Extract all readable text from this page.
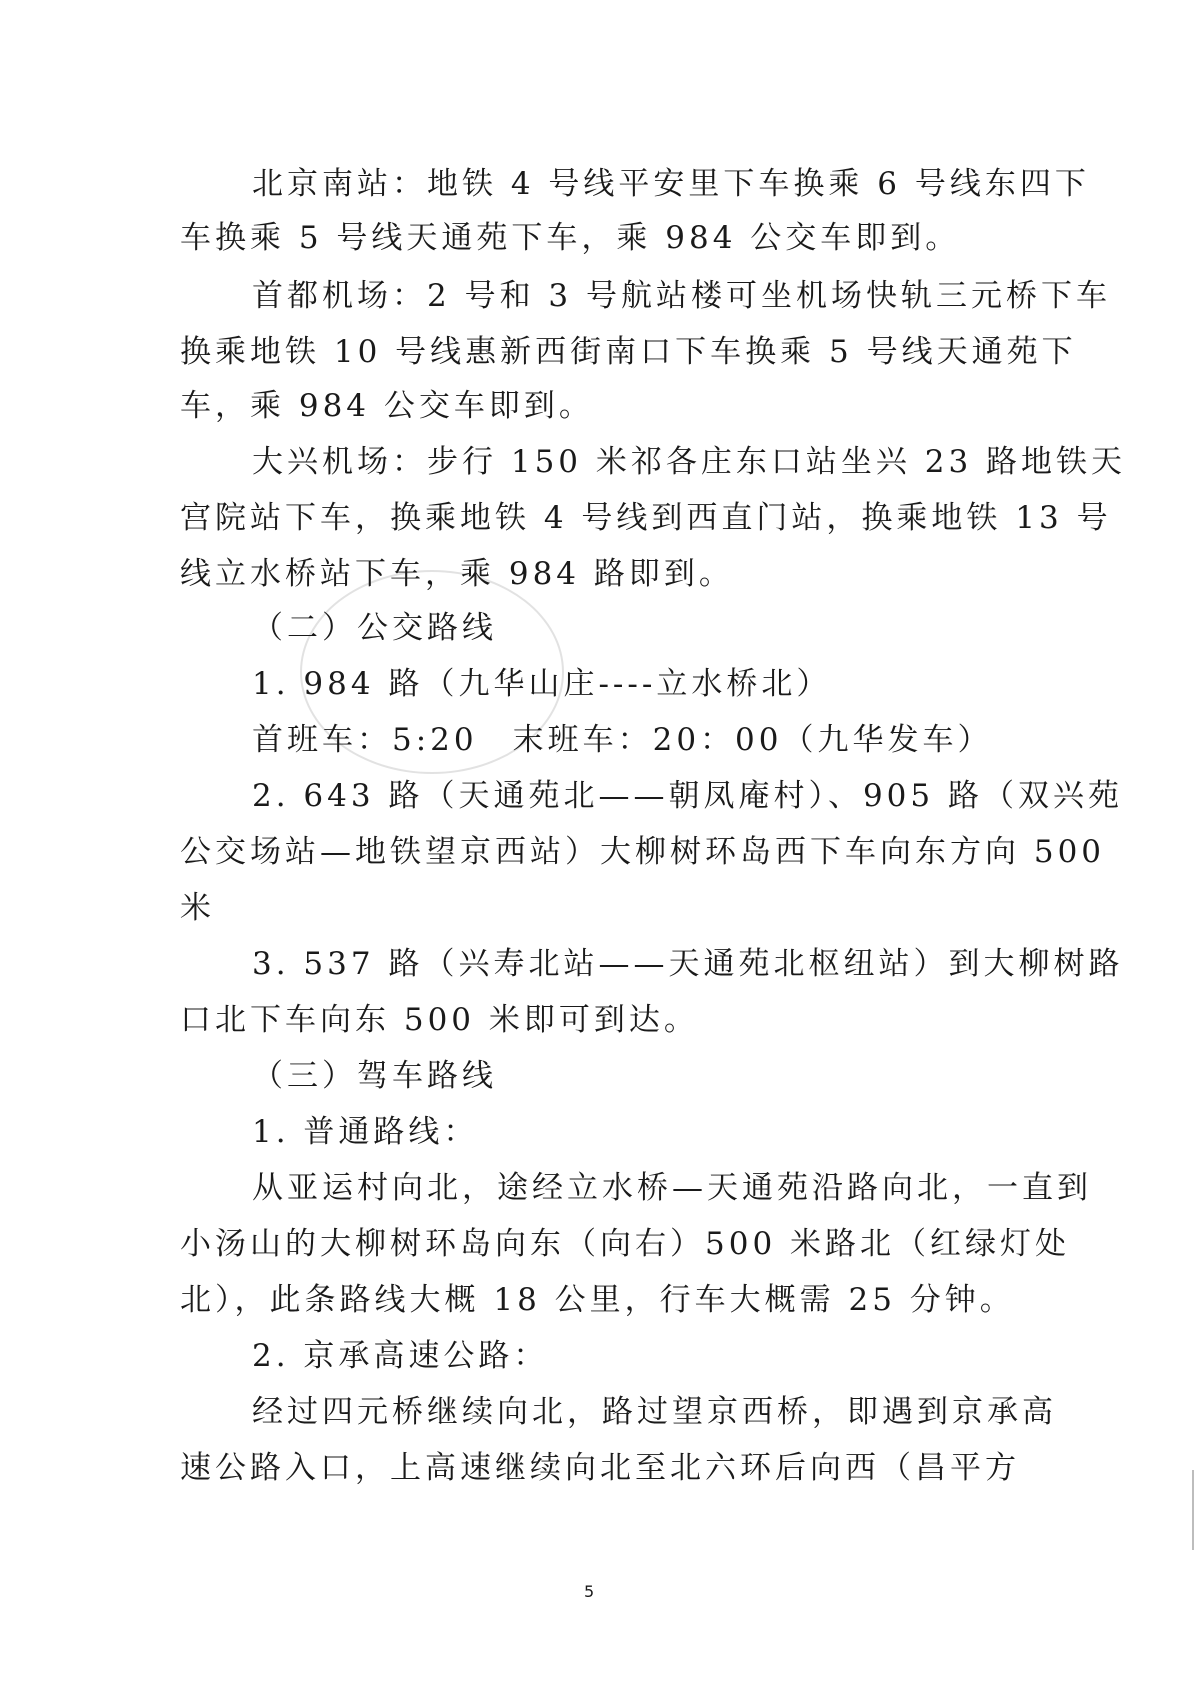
北京南站：地铁 4 号线平安里下车换乘 6 号线东四下
车换乘 5 号线天通苑下车，乘 984 公交车即到。
首都机场：2 号和 3 号航站楼可坐机场快轨三元桥下车
换乘地铁 10 号线惠新西街南口下车换乘 5 号线天通苑下
车，乘 984 公交车即到。
大兴机场：步行 150 米祁各庄东口站坐兴 23 路地铁天
宫院站下车，换乘地铁 4 号线到西直门站，换乘地铁 13 号
线立水桥站下车，乘 984 路即到。
（二）公交路线
1. 984 路（九华山庄----立水桥北）
首班车：5:20　末班车：20：00（九华发车）
2. 643 路（天通苑北——朝凤庵村）、905 路（双兴苑
公交场站—地铁望京西站）大柳树环岛西下车向东方向 500
米
3. 537 路（兴寿北站——天通苑北枢纽站）到大柳树路
口北下车向东 500 米即可到达。
（三）驾车路线
1. 普通路线：
从亚运村向北，途经立水桥—天通苑沿路向北，一直到
小汤山的大柳树环岛向东（向右）500 米路北（红绿灯处
北），此条路线大概 18 公里，行车大概需 25 分钟。
2. 京承高速公路：
经过四元桥继续向北，路过望京西桥，即遇到京承高
速公路入口，上高速继续向北至北六环后向西（昌平方
5
